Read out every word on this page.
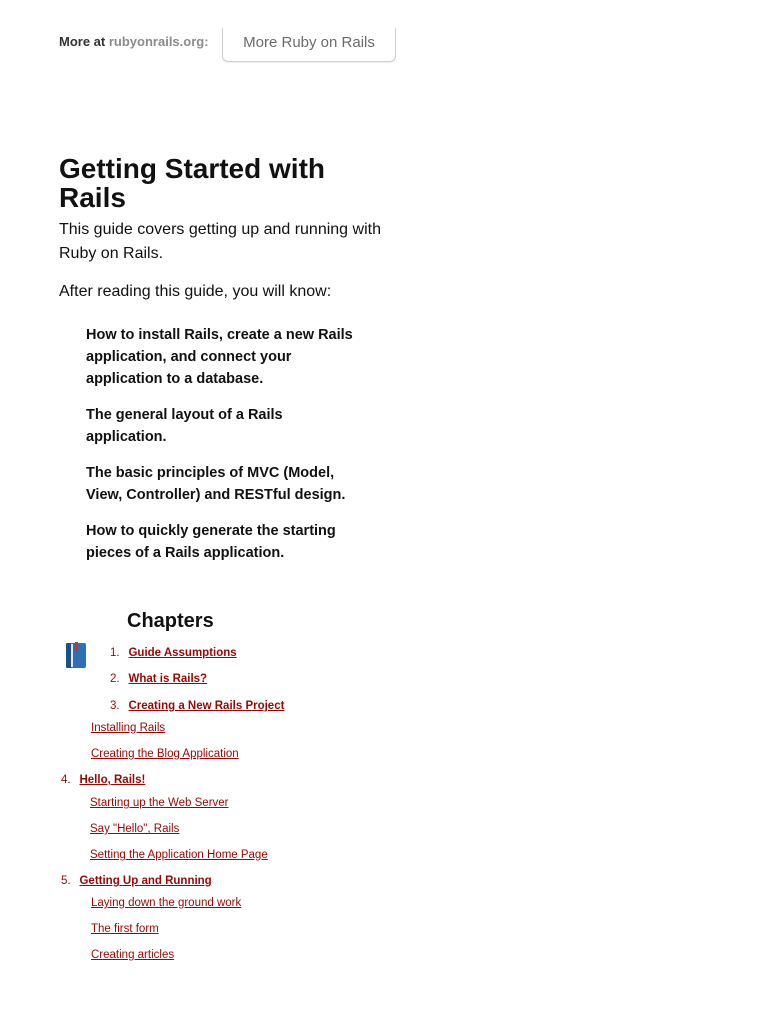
More at rubyonrails.org:	More Ruby on Rails
Getting Started with Rails

This guide covers getting up and running with Ruby on Rails.

After reading this guide, you will know:

How to install Rails, create a new Rails application, and connect your application to a database.
The general layout of a Rails application.
The basic principles of MVC (Model, View, Controller) and RESTful design.
How to quickly generate the starting pieces of a Rails application.
Chapters
1. Guide Assumptions
2. What is Rails?
3. Creating a New Rails Project
Installing Rails
Creating the Blog Application
4. Hello, Rails!
Starting up the Web Server
Say "Hello", Rails
Setting the Application Home Page
5. Getting Up and Running
Laying down the ground work
The first form
Creating articles
